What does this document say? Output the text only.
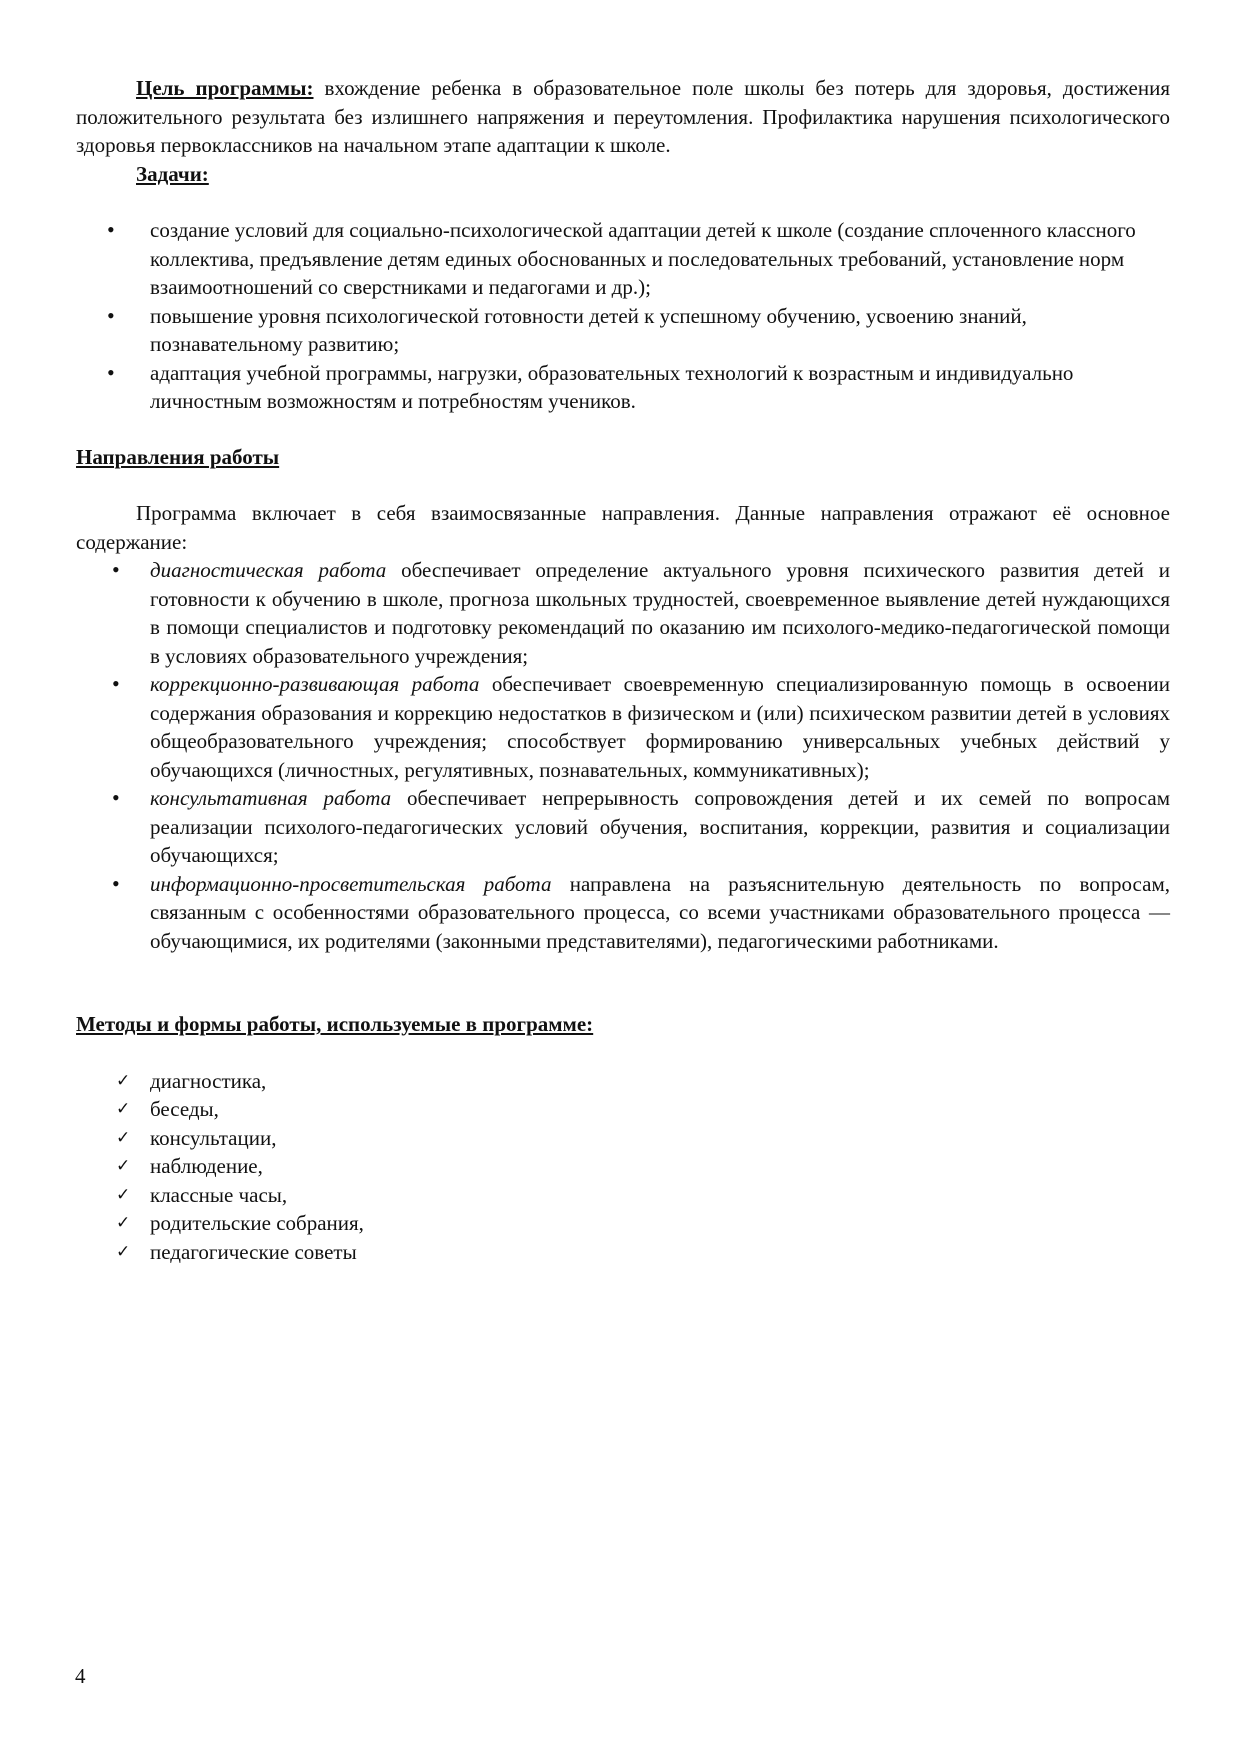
Цель программы: вхождение ребенка в образовательное поле школы без потерь для здоровья, достижения положительного результата без излишнего напряжения и переутомления. Профилактика нарушения психологического здоровья первоклассников на начальном этапе адаптации к школе.

Задачи:
• создание условий для социально-психологической адаптации детей к школе (создание сплоченного классного коллектива, предъявление детям единых обоснованных и последовательных требований, установление норм взаимоотношений со сверстниками и педагогами и др.);
• повышение уровня психологической готовности детей к успешному обучению, усвоению знаний, познавательному развитию;
• адаптация учебной программы, нагрузки, образовательных технологий к возрастным и индивидуально личностным возможностям и потребностям учеников.
Направления работы

Программа включает в себя взаимосвязанные направления. Данные направления отражают её основное содержание:

• диагностическая работа обеспечивает определение актуального уровня психического развития детей и готовности к обучению в школе, прогноза школьных трудностей, своевременное выявление детей нуждающихся в помощи специалистов и подготовку рекомендаций по оказанию им психолого-медико-педагогической помощи в условиях образовательного учреждения;
• коррекционно-развивающая работа обеспечивает своевременную специализированную помощь в освоении содержания образования и коррекцию недостатков в физическом и (или) психическом развитии детей в условиях общеобразовательного учреждения; способствует формированию универсальных учебных действий у обучающихся (личностных, регулятивных, познавательных, коммуникативных);
• консультативная работа обеспечивает непрерывность сопровождения детей и их семей по вопросам реализации психолого-педагогических условий обучения, воспитания, коррекции, развития и социализации обучающихся;
• информационно-просветительская работа направлена на разъяснительную деятельность по вопросам, связанным с особенностями образовательного процесса, со всеми участниками образовательного процесса — обучающимися, их родителями (законными представителями), педагогическими работниками.
Методы и формы работы, используемые в программе:
✓ диагностика,
✓ беседы,
✓ консультации,
✓ наблюдение,
✓ классные часы,
✓ родительские собрания,
✓ педагогические советы
4
